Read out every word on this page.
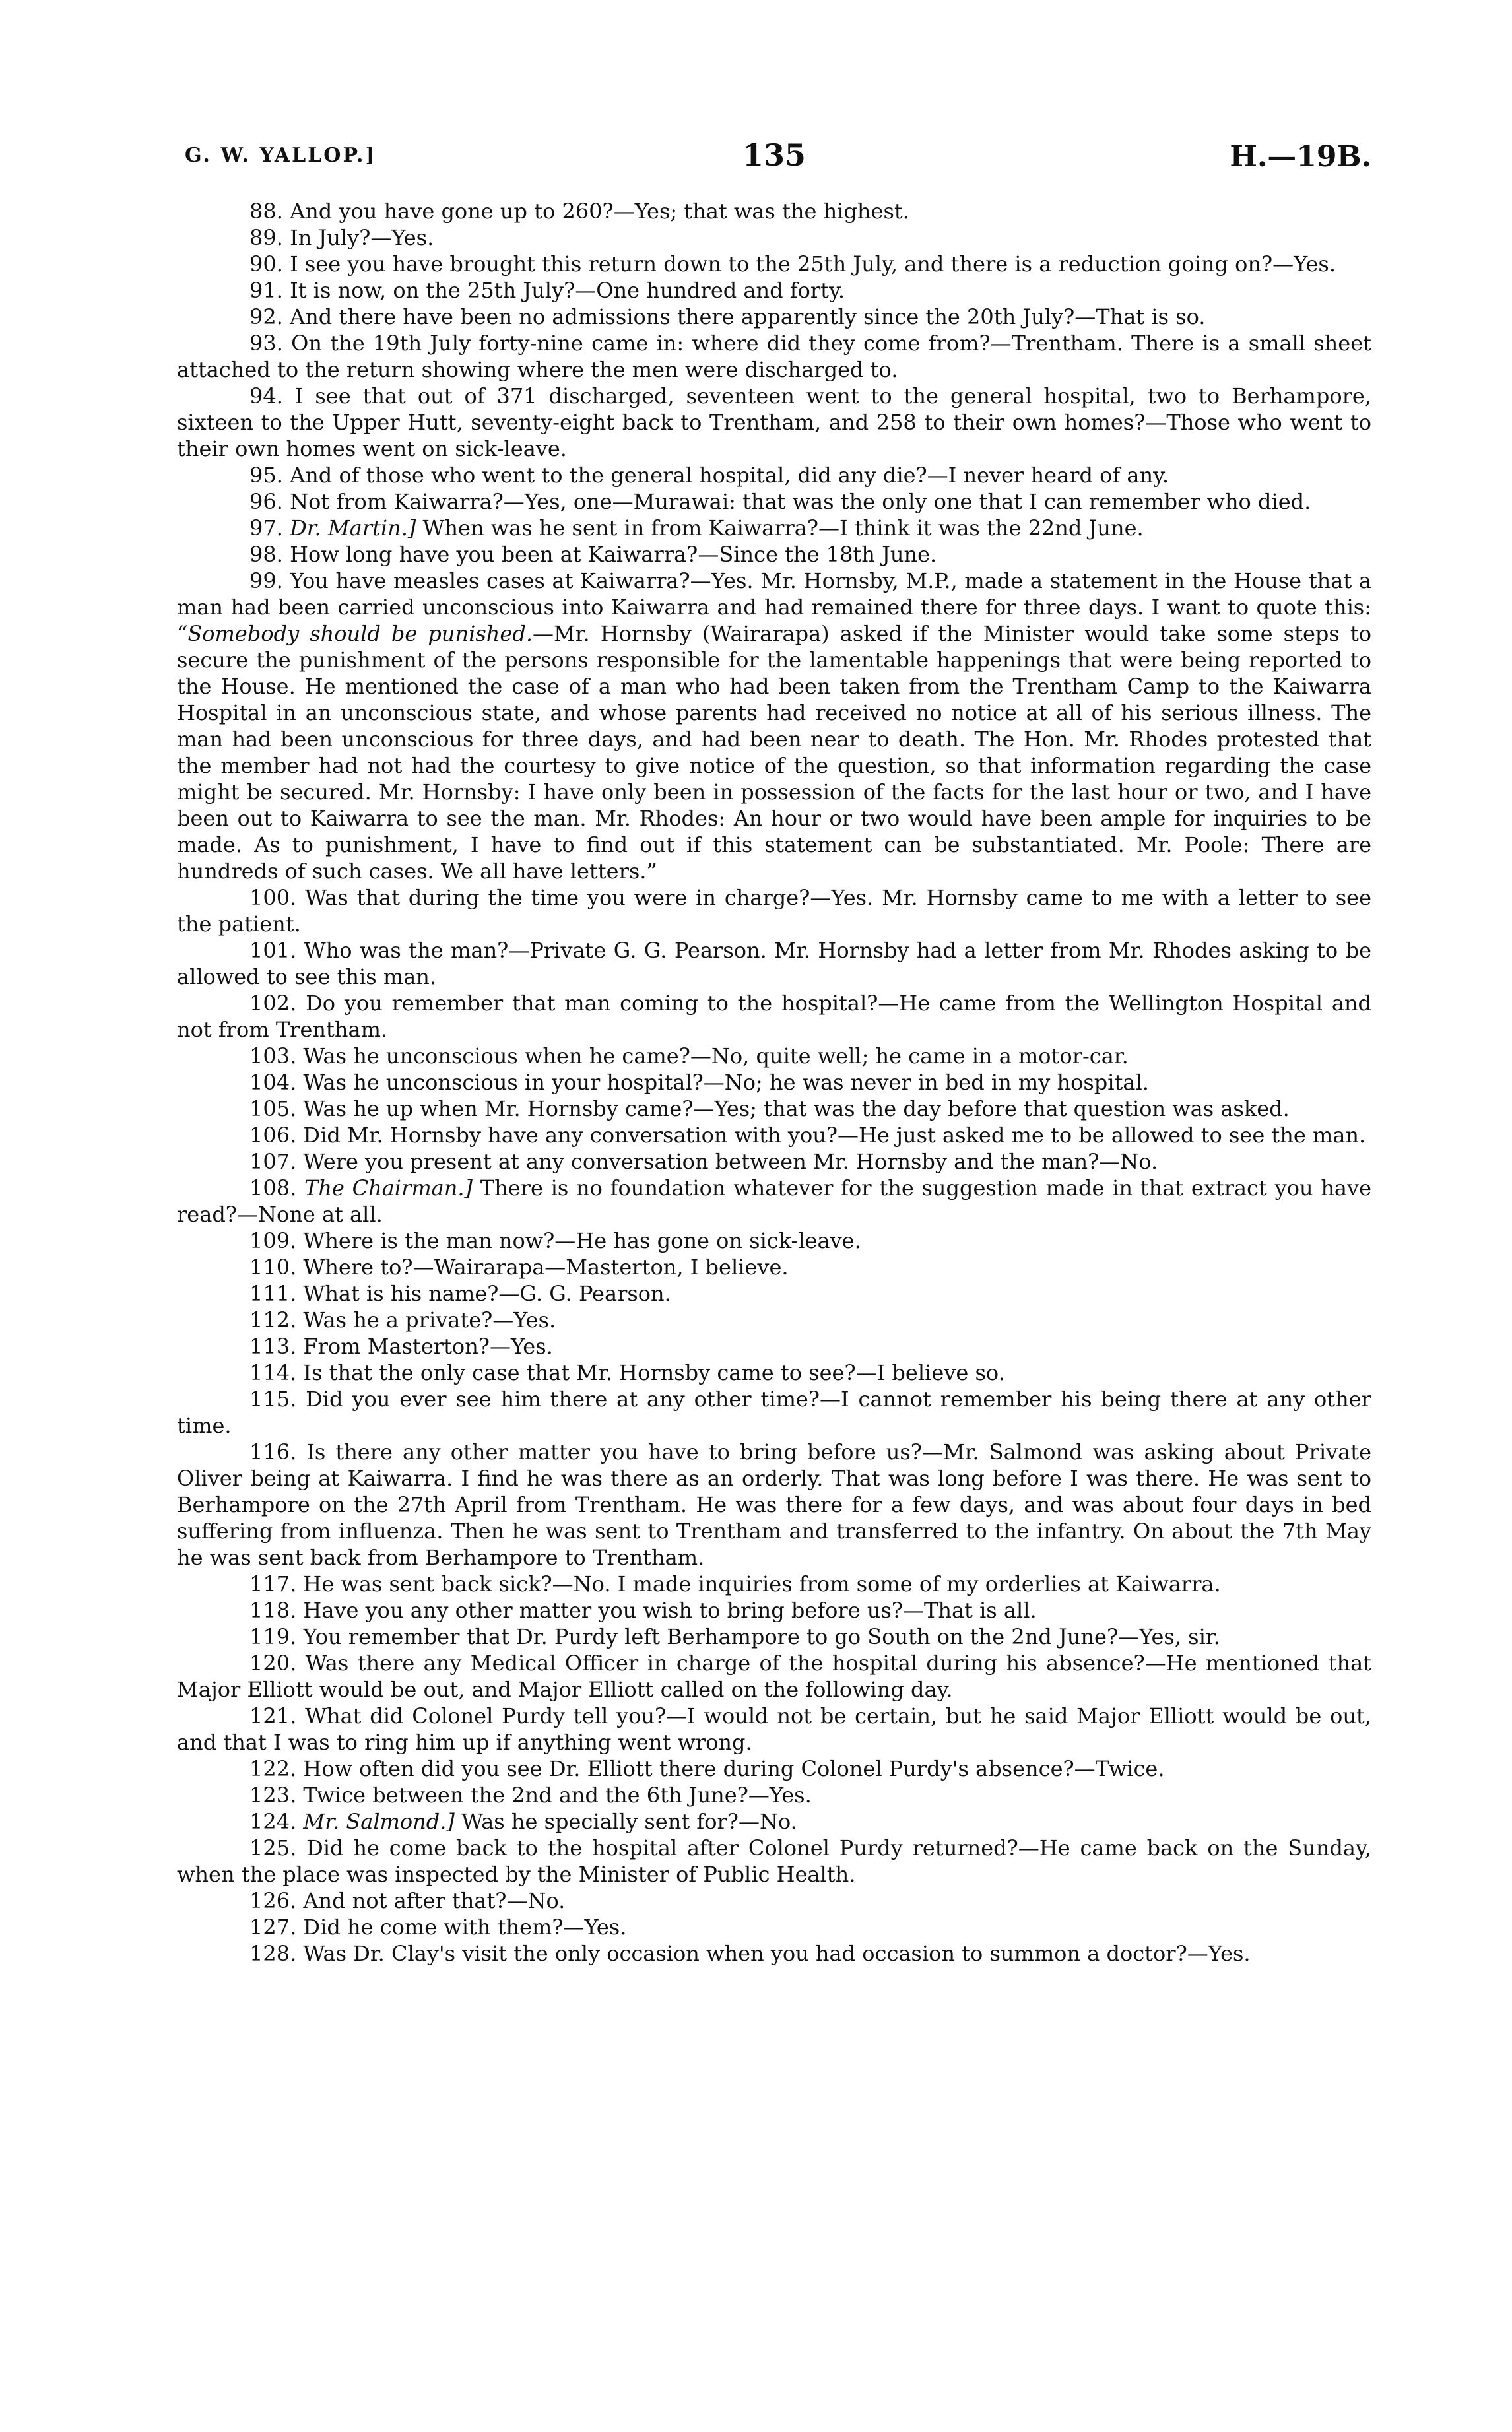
G. W. YALLOP.]	135	H.—19B.

88. And you have gone up to 260?—Yes; that was the highest.

89. In July?—Yes.

90. I see you have brought this return down to the 25th July, and there is a reduction going on?—Yes.

91. It is now, on the 25th July?—One hundred and forty.

92. And there have been no admissions there apparently since the 20th July?—That is so.

93. On the 19th July forty-nine came in: where did they come from?—Trentham. There is a small sheet attached to the return showing where the men were discharged to.

94. I see that out of 371 discharged, seventeen went to the general hospital, two to Berhampore, sixteen to the Upper Hutt, seventy-eight back to Trentham, and 258 to their own homes?—Those who went to their own homes went on sick-leave.

95. And of those who went to the general hospital, did any die?—I never heard of any.

96. Not from Kaiwarra?—Yes, one—Murawai: that was the only one that I can remember who died.

97. Dr. Martin.] When was he sent in from Kaiwarra?—I think it was the 22nd June.

98. How long have you been at Kaiwarra?—Since the 18th June.

99. You have measles cases at Kaiwarra?—Yes. Mr. Hornsby, M.P., made a statement in the House that a man had been carried unconscious into Kaiwarra and had remained there for three days. I want to quote this: “Somebody should be punished.—Mr. Hornsby (Wairarapa) asked if the Minister would take some steps to secure the punishment of the persons responsible for the lamentable happenings that were being reported to the House. He mentioned the case of a man who had been taken from the Trentham Camp to the Kaiwarra Hospital in an unconscious state, and whose parents had received no notice at all of his serious illness. The man had been unconscious for three days, and had been near to death. The Hon. Mr. Rhodes protested that the member had not had the courtesy to give notice of the question, so that information regarding the case might be secured. Mr. Hornsby: I have only been in possession of the facts for the last hour or two, and I have been out to Kaiwarra to see the man. Mr. Rhodes: An hour or two would have been ample for inquiries to be made. As to punishment, I have to find out if this statement can be substantiated. Mr. Poole: There are hundreds of such cases. We all have letters.”

100. Was that during the time you were in charge?—Yes. Mr. Hornsby came to me with a letter to see the patient.

101. Who was the man?—Private G. G. Pearson. Mr. Hornsby had a letter from Mr. Rhodes asking to be allowed to see this man.

102. Do you remember that man coming to the hospital?—He came from the Wellington Hospital and not from Trentham.

103. Was he unconscious when he came?—No, quite well; he came in a motor-car.

104. Was he unconscious in your hospital?—No; he was never in bed in my hospital.

105. Was he up when Mr. Hornsby came?—Yes; that was the day before that question was asked.

106. Did Mr. Hornsby have any conversation with you?—He just asked me to be allowed to see the man.

107. Were you present at any conversation between Mr. Hornsby and the man?—No.

108. The Chairman.] There is no foundation whatever for the suggestion made in that extract you have read?—None at all.

109. Where is the man now?—He has gone on sick-leave.

110. Where to?—Wairarapa—Masterton, I believe.

111. What is his name?—G. G. Pearson.

112. Was he a private?—Yes.

113. From Masterton?—Yes.

114. Is that the only case that Mr. Hornsby came to see?—I believe so.

115. Did you ever see him there at any other time?—I cannot remember his being there at any other time.

116. Is there any other matter you have to bring before us?—Mr. Salmond was asking about Private Oliver being at Kaiwarra. I find he was there as an orderly. That was long before I was there. He was sent to Berhampore on the 27th April from Trentham. He was there for a few days, and was about four days in bed suffering from influenza. Then he was sent to Trentham and transferred to the infantry. On about the 7th May he was sent back from Berhampore to Trentham.

117. He was sent back sick?—No. I made inquiries from some of my orderlies at Kaiwarra.

118. Have you any other matter you wish to bring before us?—That is all.

119. You remember that Dr. Purdy left Berhampore to go South on the 2nd June?—Yes, sir.

120. Was there any Medical Officer in charge of the hospital during his absence?—He mentioned that Major Elliott would be out, and Major Elliott called on the following day.

121. What did Colonel Purdy tell you?—I would not be certain, but he said Major Elliott would be out, and that I was to ring him up if anything went wrong.

122. How often did you see Dr. Elliott there during Colonel Purdy's absence?—Twice.

123. Twice between the 2nd and the 6th June?—Yes.

124. Mr. Salmond.] Was he specially sent for?—No.

125. Did he come back to the hospital after Colonel Purdy returned?—He came back on the Sunday, when the place was inspected by the Minister of Public Health.

126. And not after that?—No.

127. Did he come with them?—Yes.

128. Was Dr. Clay's visit the only occasion when you had occasion to summon a doctor?—Yes.
